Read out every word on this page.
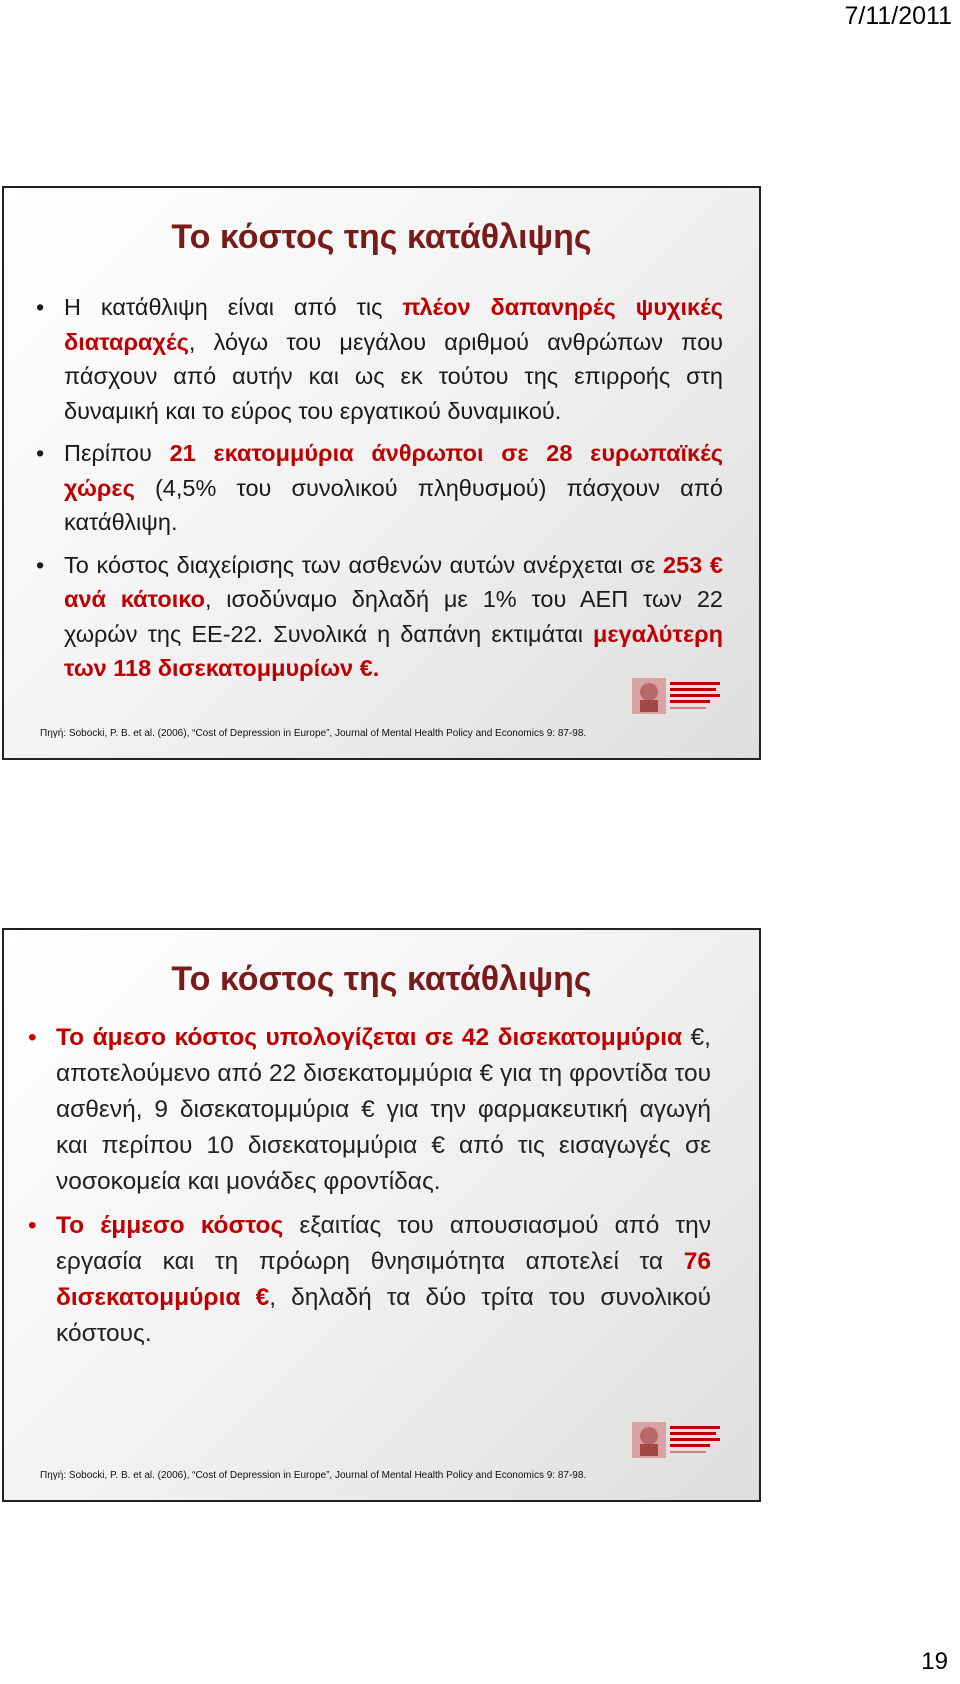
7/11/2011
Το κόστος της κατάθλιψης
• Η κατάθλιψη είναι από τις πλέον δαπανηρές ψυχικές διαταραχές, λόγω του μεγάλου αριθμού ανθρώπων που πάσχουν από αυτήν και ως εκ τούτου της επιρροής στη δυναμική και το εύρος του εργατικού δυναμικού.
• Περίπου 21 εκατομμύρια άνθρωποι σε 28 ευρωπαϊκές χώρες (4,5% του συνολικού πληθυσμού) πάσχουν από κατάθλιψη.
• Το κόστος διαχείρισης των ασθενών αυτών ανέρχεται σε 253 € ανά κάτοικο, ισοδύναμο δηλαδή με 1% του ΑΕΠ των 22 χωρών της ΕΕ-22. Συνολικά η δαπάνη εκτιμάται μεγαλύτερη των 118 δισεκατομμυρίων €.
Πηγή: Sobocki, P. B. et al. (2006), “Cost of Depression in Europe”, Journal of Mental Health Policy and Economics 9: 87-98.
Το κόστος της κατάθλιψης
• Το άμεσο κόστος υπολογίζεται σε 42 δισεκατομμύρια €, αποτελούμενο από 22 δισεκατομμύρια € για τη φροντίδα του ασθενή, 9 δισεκατομμύρια € για την φαρμακευτική αγωγή και περίπου 10 δισεκατομμύρια € από τις εισαγωγές σε νοσοκομεία και μονάδες φροντίδας.
• Το έμμεσο κόστος εξαιτίας του απουσιασμού από την εργασία και τη πρόωρη θνησιμότητα αποτελεί τα 76 δισεκατομμύρια €, δηλαδή τα δύο τρίτα του συνολικού κόστους.
Πηγή: Sobocki, P. B. et al. (2006), “Cost of Depression in Europe”, Journal of Mental Health Policy and Economics 9: 87-98.
19
